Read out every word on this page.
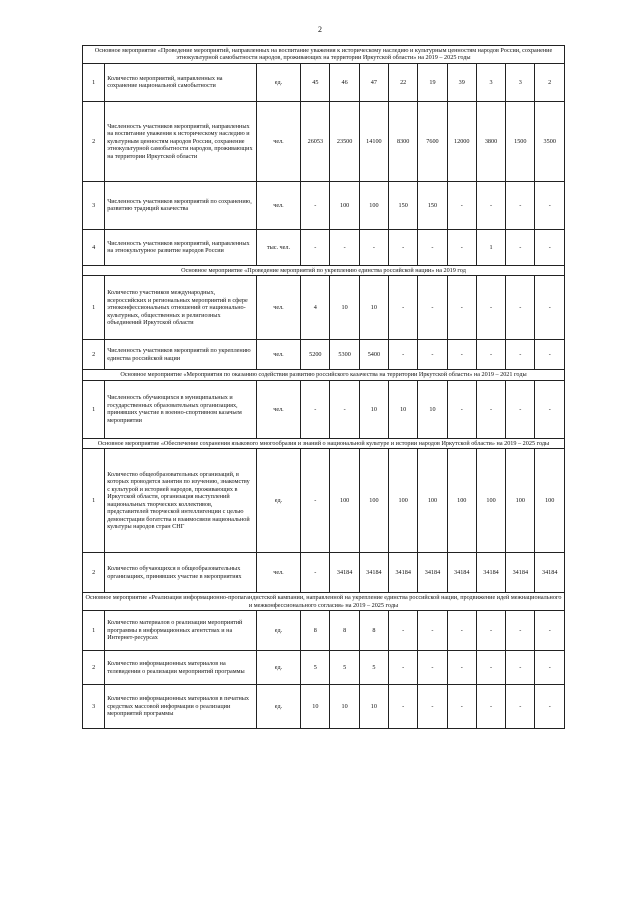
2
Основное мероприятие «Проведение мероприятий, направленных на воспитание уважения к историческому наследию и культурным ценностям народов России, сохранение этнокультурной самобытности народов, проживающих на территории Иркутской области» на 2019 – 2025 годы											
1	Количество мероприятий, направленных на сохранение национальной самобытности	ед.	45	46	47	22	19	39	3	3	2
2	Численность участников мероприятий, направленных на воспитание уважения к историческому наследию и культурным ценностям народов России, сохранение этнокультурной самобытности народов, проживающих на территории Иркутской области	чел.	26053	23500	14100	8300	7600	12000	3800	1500	3500
3	Численность участников мероприятий по сохранению, развитию традиций казачества	чел.	-	100	100	150	150	-	-	-	-
4	Численность участников мероприятий, направленных на этнокультурное развитие народов России	тыс. чел.	-	-	-	-	-	-	1	-	-
Основное мероприятие «Проведение мероприятий по укреплению единства российской нации» на 2019 год											
1	Количество участников международных, всероссийских и региональных мероприятий в сфере этноконфессиональных отношений от национально-культурных, общественных и религиозных объединений Иркутской области	чел.	4	10	10	-	-	-	-	-	-
2	Численность участников мероприятий по укреплению единства российской нации	чел.	5200	5300	5400	-	-	-	-	-	-
Основное мероприятие «Мероприятия по оказанию содействия развитию российского казачества на территории Иркутской области» на 2019 – 2021 годы											
1	Численность обучающихся в муниципальных и государственных образовательных организациях, принявших участие в военно-спортивном казачьем мероприятии	чел.	-	-	10	10	10	-	-	-	-
Основное мероприятие «Обеспечение сохранения языкового многообразия и знаний о национальной культуре и истории народов Иркутской области» на 2019 – 2025 годы											
1	Количество общеобразовательных организаций, в которых проводятся занятия по изучению, знакомству с культурой и историей народов, проживающих в Иркутской области, организация выступлений национальных творческих коллективов, представителей творческой интеллигенции с целью демонстрации богатства и взаимосвязи национальной культуры народов стран СНГ	ед.	-	100	100	100	100	100	100	100	100
2	Количество обучающихся в общеобразовательных организациях, принявших участие в мероприятиях	чел.	-	34184	34184	34184	34184	34184	34184	34184	34184
Основное мероприятие «Реализация информационно-пропагандистской кампании, направленной на укрепление единства российской нации, продвижение идей межнационального и межконфессионального согласия» на 2019 – 2025 годы											
1	Количество материалов о реализации мероприятий программы в информационных агентствах и на Интернет-ресурсах	ед.	8	8	8	-	-	-	-	-	-
2	Количество информационных материалов на телевидении о реализации мероприятий программы	ед.	5	5	5	-	-	-	-	-	-
3	Количество информационных материалов в печатных средствах массовой информации о реализации мероприятий программы	ед.	10	10	10	-	-	-	-	-	-
